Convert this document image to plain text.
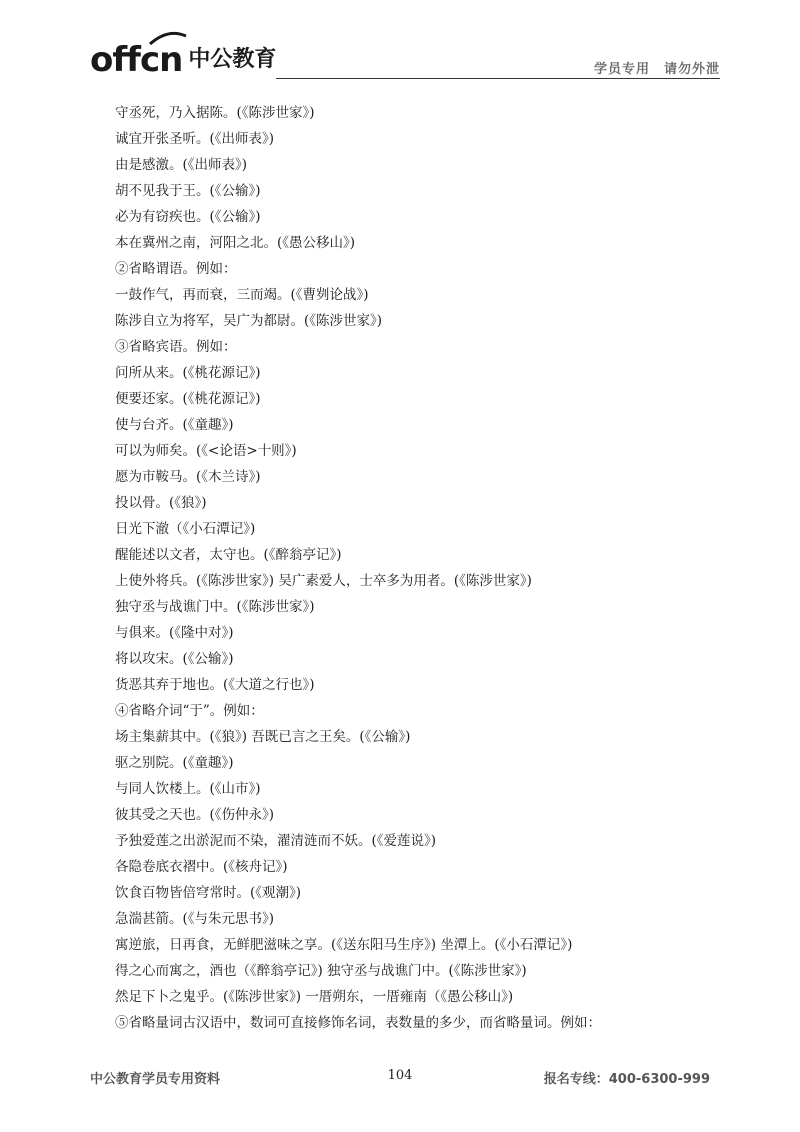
offcn 中公教育	学员专用 请勿外泄
守丞死，乃入据陈。(《陈涉世家》)
诚宜开张圣听。(《出师表》)
由是感激。(《出师表》)
胡不见我于王。(《公输》)
必为有窃疾也。(《公输》)
本在冀州之南，河阳之北。(《愚公移山》)
②省略谓语。例如：
一鼓作气，再而衰，三而竭。(《曹刿论战》)
陈涉自立为将军，吴广为都尉。(《陈涉世家》)
③省略宾语。例如：
问所从来。(《桃花源记》)
便要还家。(《桃花源记》)
使与台齐。(《童趣》)
可以为师矣。(《<论语>十则》)
愿为市鞍马。(《木兰诗》)
投以骨。(《狼》)
日光下澈（《小石潭记》)
醒能述以文者，太守也。(《醉翁亭记》)
上使外将兵。(《陈涉世家》) 吴广素爱人，士卒多为用者。(《陈涉世家》)
独守丞与战谯门中。(《陈涉世家》)
与俱来。(《隆中对》)
将以攻宋。(《公输》)
货恶其弃于地也。(《大道之行也》)
④省略介词“于”。例如：
场主集薪其中。(《狼》) 吾既已言之王矣。(《公输》)
驱之别院。(《童趣》)
与同人饮楼上。(《山市》)
彼其受之天也。(《伤仲永》)
予独爱莲之出淤泥而不染，濯清涟而不妖。(《爱莲说》)
各隐卷底衣褶中。(《核舟记》)
饮食百物皆倍穹常时。(《观潮》)
急湍甚箭。(《与朱元思书》)
寓逆旅，日再食，无鲜肥滋味之享。(《送东阳马生序》) 坐潭上。(《小石潭记》)
得之心而寓之，酒也（《醉翁亭记》) 独守丞与战谯门中。(《陈涉世家》)
然足下卜之鬼乎。(《陈涉世家》) 一厝朔东，一厝雍南（《愚公移山》)
⑤省略量词古汉语中，数词可直接修饰名词，表数量的多少，而省略量词。例如：
中公教育学员专用资料	104	报名专线：400-6300-999
